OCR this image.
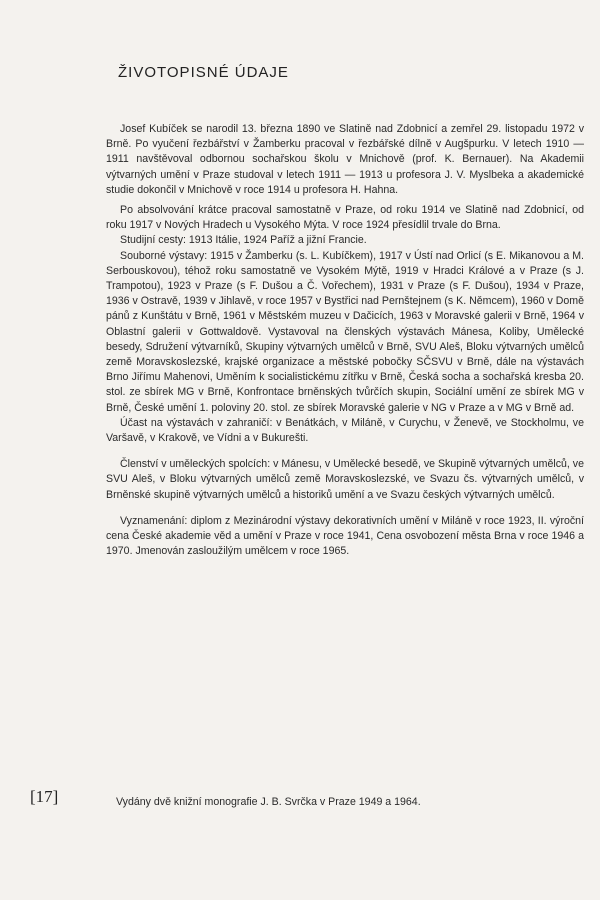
ŽIVOTOPISNÉ ÚDAJE

Josef Kubíček se narodil 13. března 1890 ve Slatině nad Zdobnicí a zemřel 29. listopadu 1972 v Brně. Po vyučení řezbářství v Žamberku pracoval v řezbářské dílně v Augšpurku. V letech 1910 — 1911 navštěvoval odbornou sochařskou školu v Mnichově (prof. K. Bernauer). Na Akademii výtvarných umění v Praze studoval v letech 1911 — 1913 u profesora J. V. Myslbeka a akademické studie dokončil v Mnichově v roce 1914 u profesora H. Hahna.

Po absolvování krátce pracoval samostatně v Praze, od roku 1914 ve Slatině nad Zdobnicí, od roku 1917 v Nových Hradech u Vysokého Mýta. V roce 1924 přesídlil trvale do Brna.

Studijní cesty: 1913 Itálie, 1924 Paříž a jižní Francie.

Souborné výstavy: 1915 v Žamberku (s. L. Kubíčkem), 1917 v Ústí nad Orlicí (s E. Mikanovou a M. Serbouskovou), téhož roku samostatně ve Vysokém Mýtě, 1919 v Hradci Králové a v Praze (s J. Trampotou), 1923 v Praze (s F. Dušou a Č. Vořechem), 1931 v Praze (s F. Dušou), 1934 v Praze, 1936 v Ostravě, 1939 v Jihlavě, v roce 1957 v Bystřici nad Pernštejnem (s K. Němcem), 1960 v Domě pánů z Kunštátu v Brně, 1961 v Městském muzeu v Dačicích, 1963 v Moravské galerii v Brně, 1964 v Oblastní galerii v Gottwaldově. Vystavoval na členských výstavách Mánesa, Koliby, Umělecké besedy, Sdružení výtvarníků, Skupiny výtvarných umělců v Brně, SVU Aleš, Bloku výtvarných umělců země Moravskoslezské, krajské organizace a městské pobočky SČSVU v Brně, dále na výstavách Brno Jiřímu Mahenovi, Uměním k socialistickému zítřku v Brně, Česká socha a sochařská kresba 20. stol. ze sbírek MG v Brně, Konfrontace brněnských tvůrčích skupin, Sociální umění ze sbírek MG v Brně, České umění 1. poloviny 20. stol. ze sbírek Moravské galerie v NG v Praze a v MG v Brně ad.

Účast na výstavách v zahraničí: v Benátkách, v Miláně, v Curychu, v Ženevě, ve Stockholmu, ve Varšavě, v Krakově, ve Vídni a v Bukurešti.

Členství v uměleckých spolcích: v Mánesu, v Umělecké besedě, ve Skupině výtvarných umělců, ve SVU Aleš, v Bloku výtvarných umělců země Moravskoslezské, ve Svazu čs. výtvarných umělců, v Brněnské skupině výtvarných umělců a historiků umění a ve Svazu českých výtvarných umělců.

Vyznamenání: diplom z Mezinárodní výstavy dekorativních umění v Miláně v roce 1923, II. výroční cena České akademie věd a umění v Praze v roce 1941, Cena osvobození města Brna v roce 1946 a 1970. Jmenován zasloužilým umělcem v roce 1965.

[17]	Vydány dvě knižní monografie J. B. Svrčka v Praze 1949 a 1964.
